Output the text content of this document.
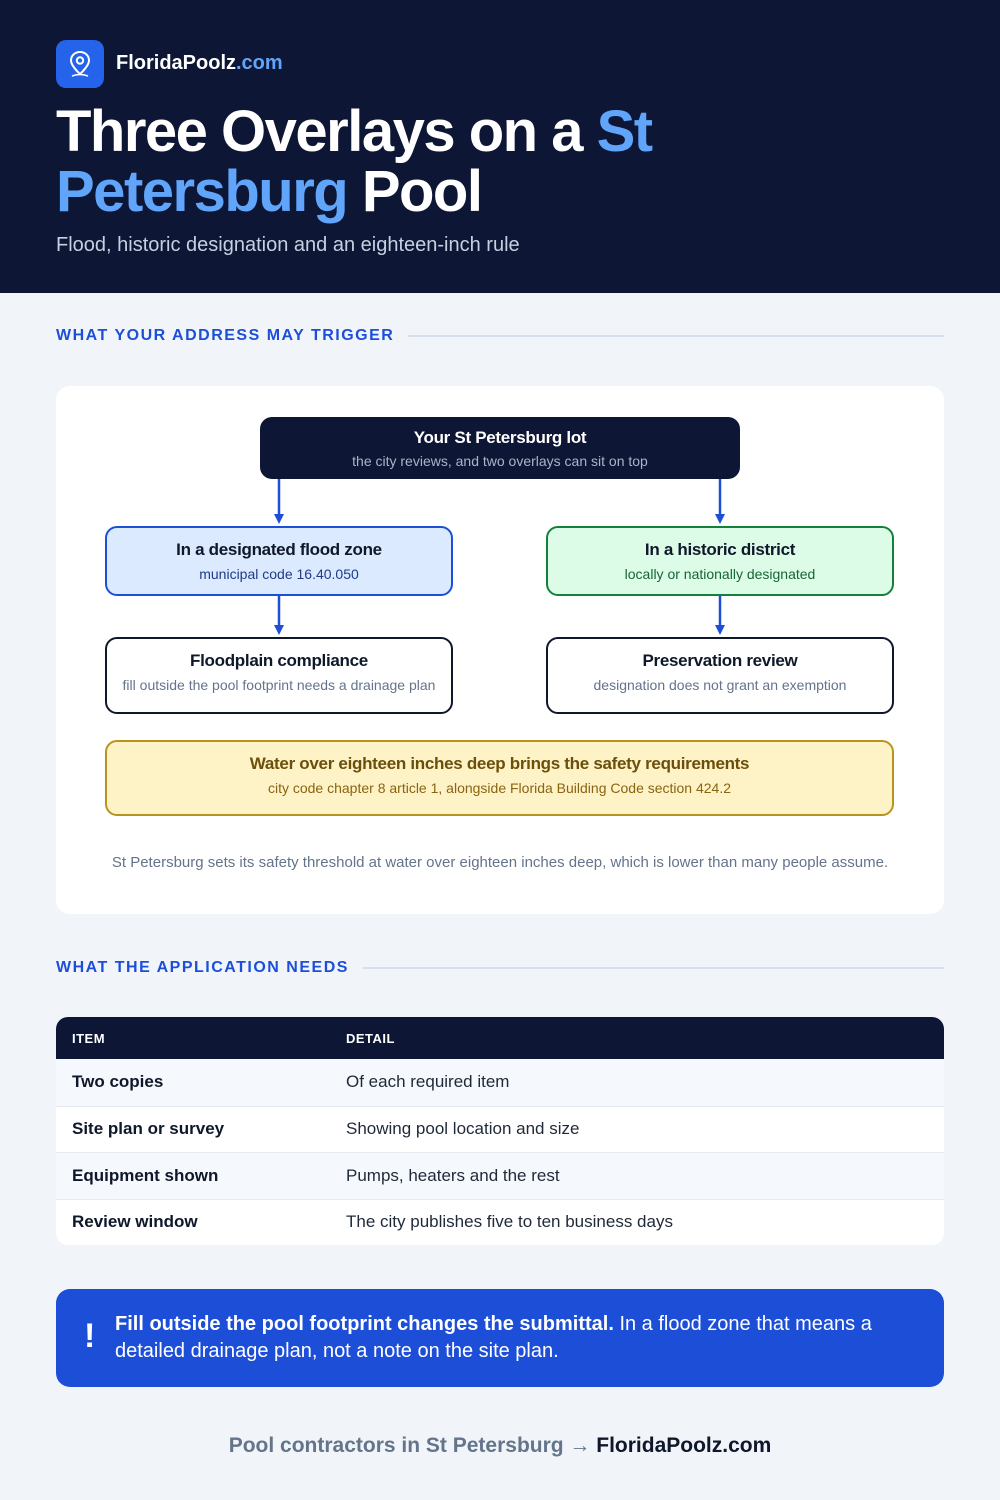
FloridaPoolz.com
Three Overlays on a St
Petersburg Pool
Flood, historic designation and an eighteen-inch rule
WHAT YOUR ADDRESS MAY TRIGGER
Your St Petersburg lot
the city reviews, and two overlays can sit on top
In a designated flood zone
municipal code 16.40.050
In a historic district
locally or nationally designated
Floodplain compliance
fill outside the pool footprint needs a drainage plan
Preservation review
designation does not grant an exemption
Water over eighteen inches deep brings the safety requirements
city code chapter 8 article 1, alongside Florida Building Code section 424.2
St Petersburg sets its safety threshold at water over eighteen inches deep, which is lower than many people assume.
WHAT THE APPLICATION NEEDS
ITEM	DETAIL
Two copies	Of each required item
Site plan or survey	Showing pool location and size
Equipment shown	Pumps, heaters and the rest
Review window	The city publishes five to ten business days
! Fill outside the pool footprint changes the submittal. In a flood zone that means a detailed drainage plan, not a note on the site plan.
Pool contractors in St Petersburg → FloridaPoolz.com
